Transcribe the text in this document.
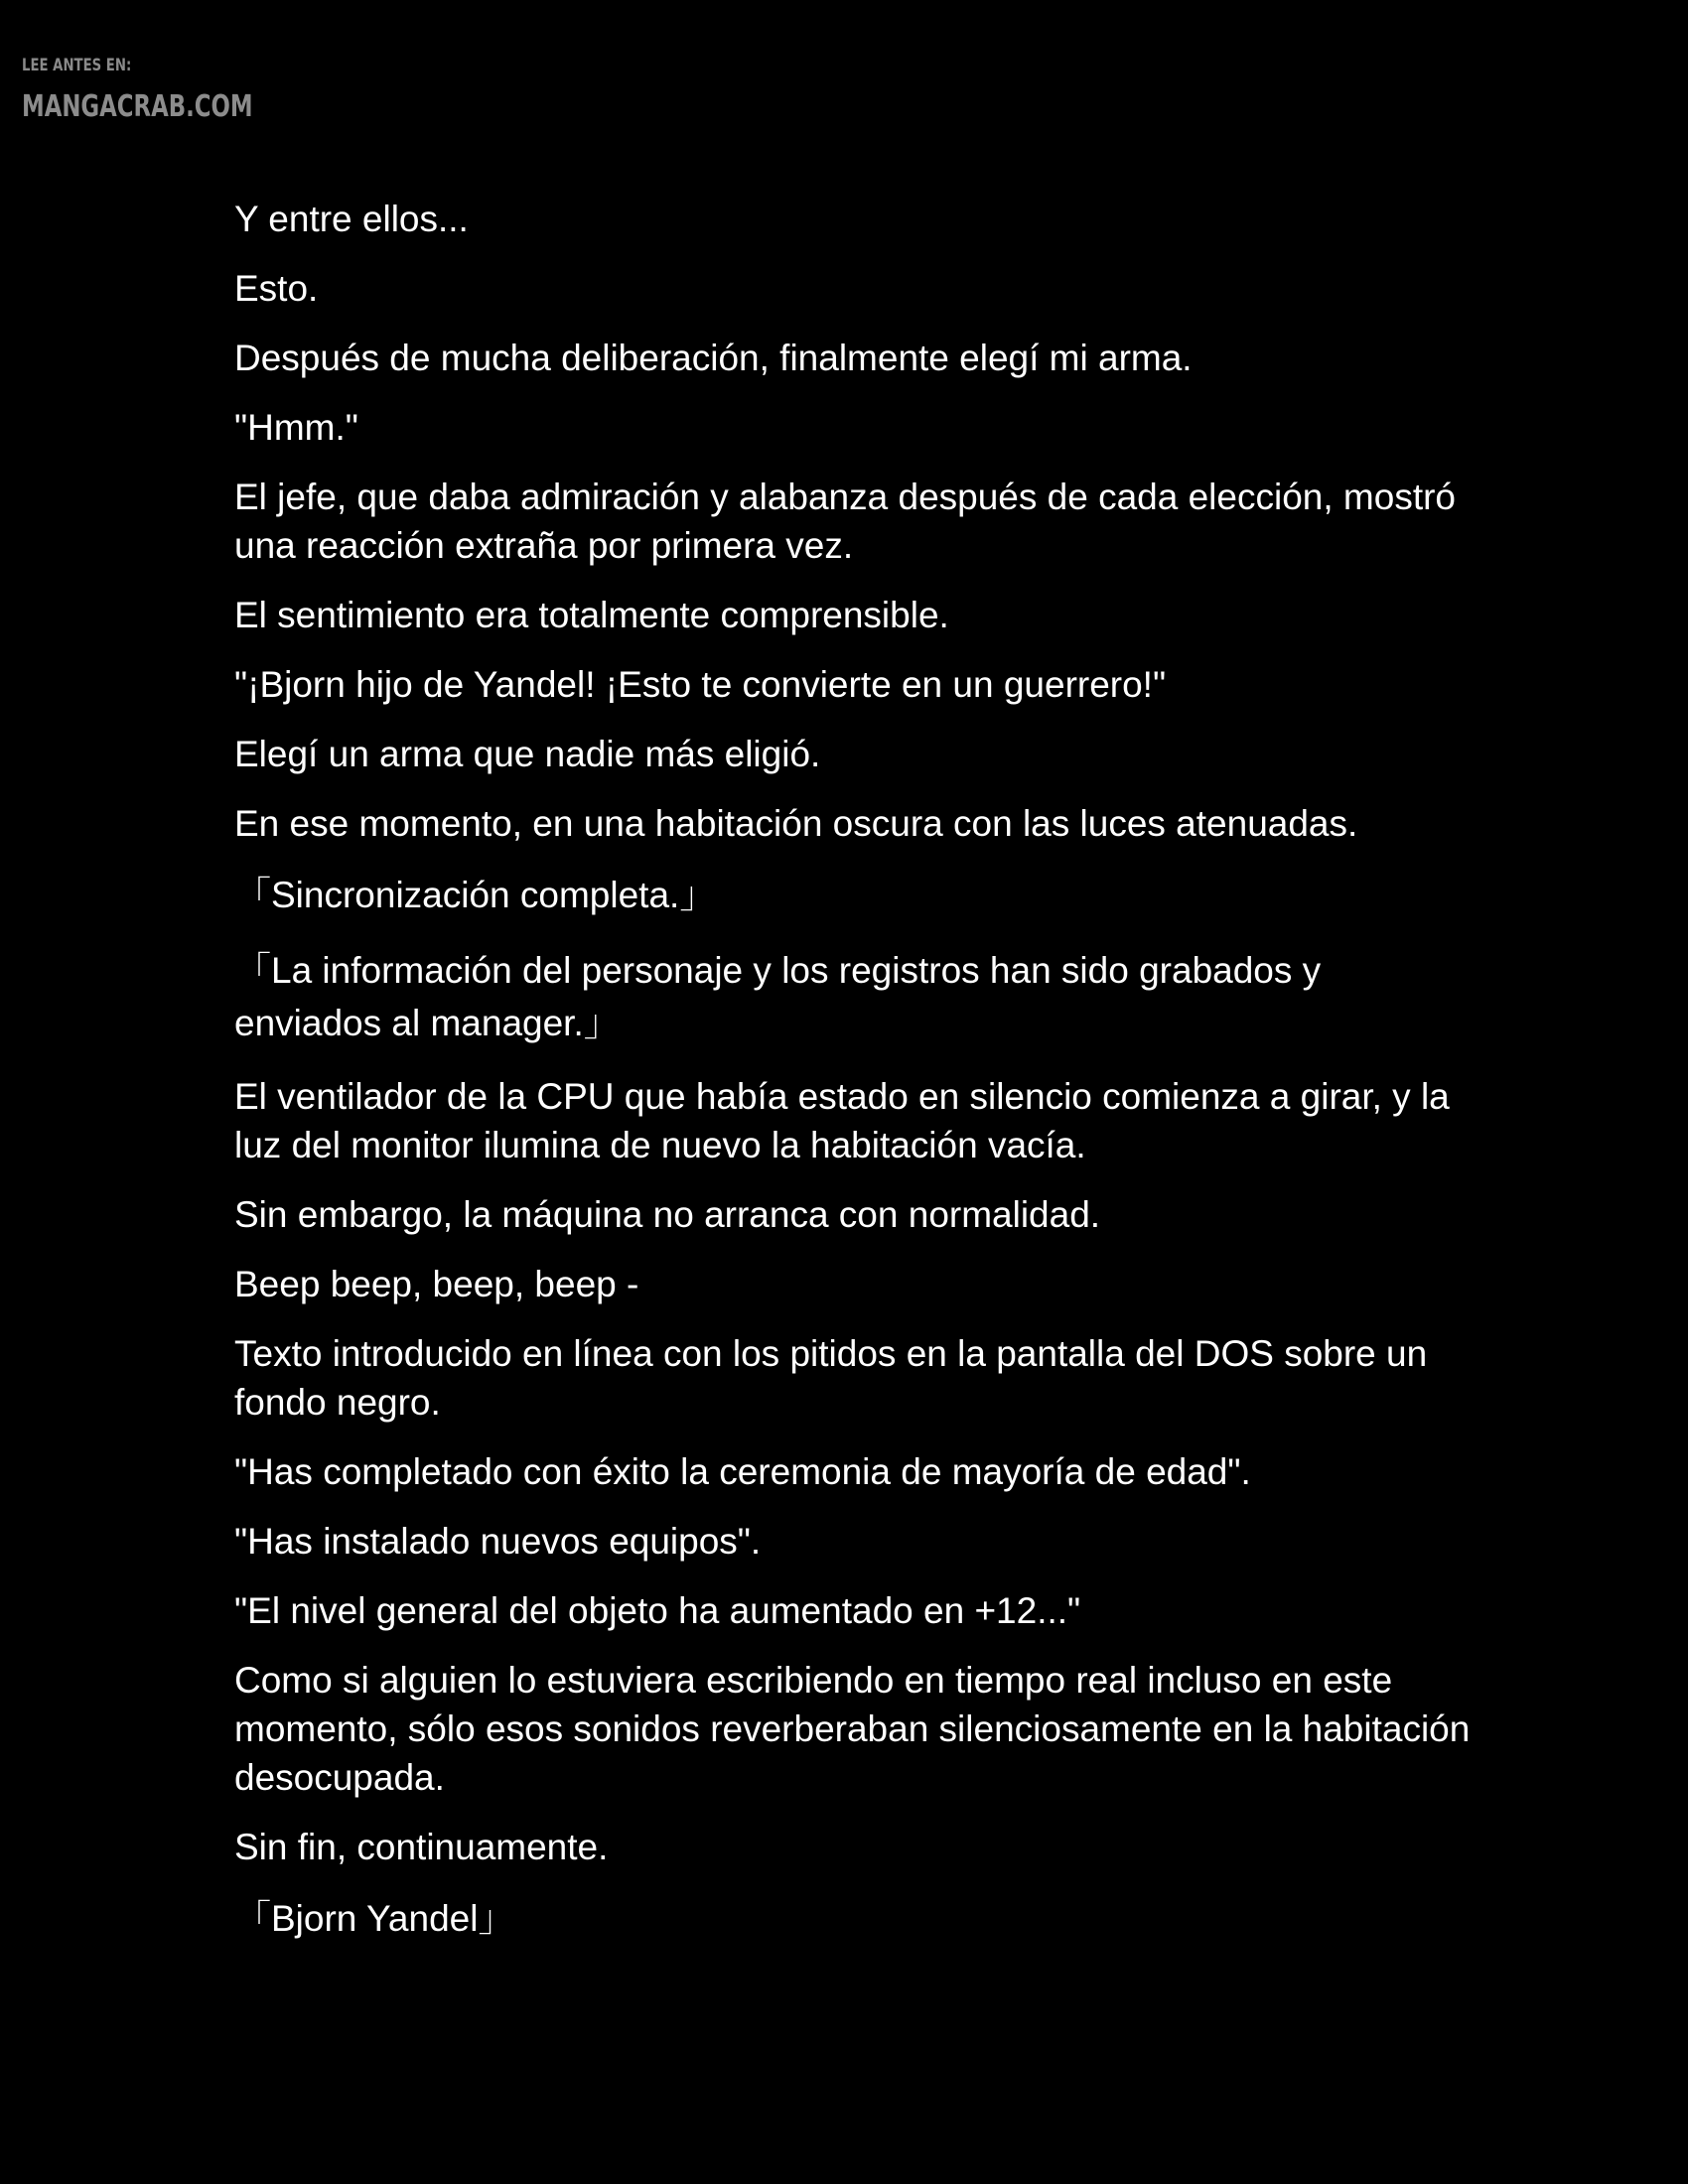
LEE ANTES EN:
MANGACRAB.COM

Y entre ellos...

Esto.

Después de mucha deliberación, finalmente elegí mi arma.

"Hmm."

El jefe, que daba admiración y alabanza después de cada elección, mostró una reacción extraña por primera vez.

El sentimiento era totalmente comprensible.

"¡Bjorn hijo de Yandel! ¡Esto te convierte en un guerrero!"

Elegí un arma que nadie más eligió.

En ese momento, en una habitación oscura con las luces atenuadas.

「Sincronización completa.」

「La información del personaje y los registros han sido grabados y enviados al manager.」

El ventilador de la CPU que había estado en silencio comienza a girar, y la luz del monitor ilumina de nuevo la habitación vacía.

Sin embargo, la máquina no arranca con normalidad.

Beep beep, beep, beep -

Texto introducido en línea con los pitidos en la pantalla del DOS sobre un fondo negro.

"Has completado con éxito la ceremonia de mayoría de edad".

"Has instalado nuevos equipos".

"El nivel general del objeto ha aumentado en +12..."

Como si alguien lo estuviera escribiendo en tiempo real incluso en este momento, sólo esos sonidos reverberaban silenciosamente en la habitación desocupada.

Sin fin, continuamente.

「Bjorn Yandel」
